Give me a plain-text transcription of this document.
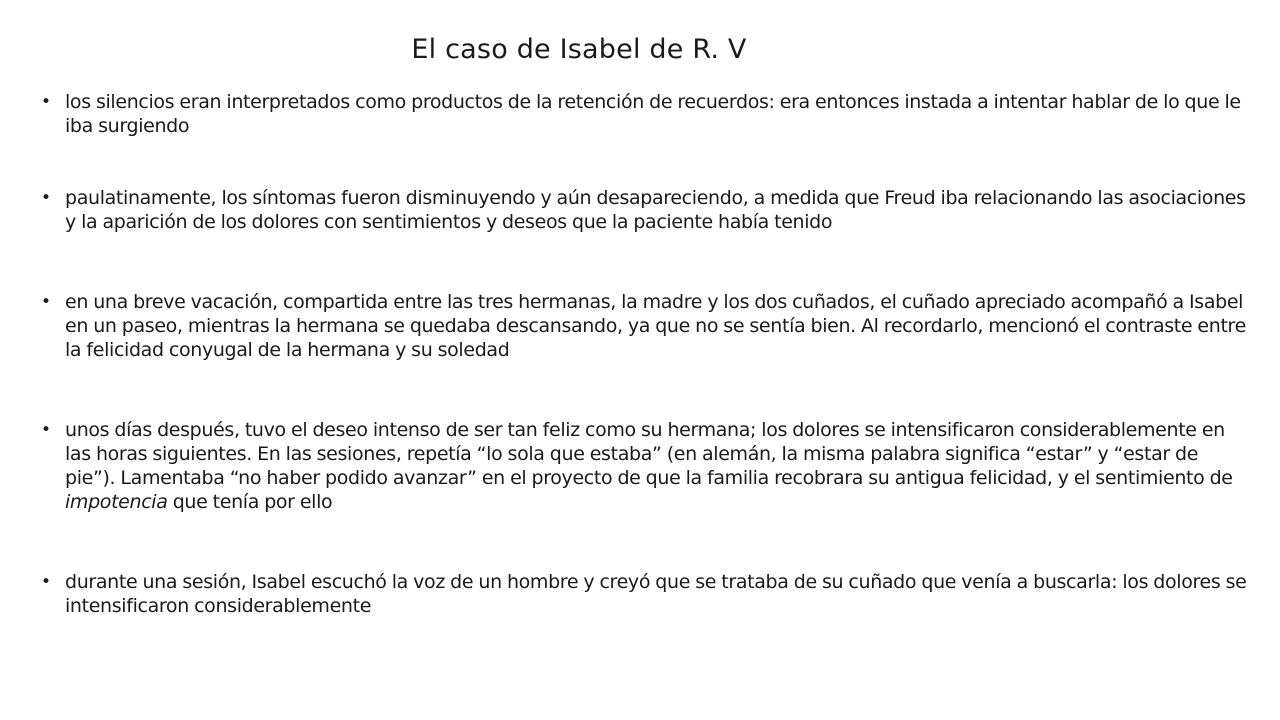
El caso de Isabel de R. V
• los silencios eran interpretados como productos de la retención de recuerdos: era entonces instada a intentar hablar de lo que le iba surgiendo
• paulatinamente, los síntomas fueron disminuyendo y aún desapareciendo, a medida que Freud iba relacionando las asociaciones y la aparición de los dolores con sentimientos y deseos que la paciente había tenido
• en una breve vacación, compartida entre las tres hermanas, la madre y los dos cuñados, el cuñado apreciado acompañó a Isabel en un paseo, mientras la hermana se quedaba descansando, ya que no se sentía bien. Al recordarlo, mencionó el contraste entre la felicidad conyugal de la hermana y su soledad
• unos días después, tuvo el deseo intenso de ser tan feliz como su hermana; los dolores se intensificaron considerablemente en las horas siguientes. En las sesiones, repetía “lo sola que estaba” (en alemán, la misma palabra significa “estar” y “estar de pie”). Lamentaba “no haber podido avanzar” en el proyecto de que la familia recobrara su antigua felicidad, y el sentimiento de impotencia que tenía por ello
• durante una sesión, Isabel escuchó la voz de un hombre y creyó que se trataba de su cuñado que venía a buscarla: los dolores se intensificaron considerablemente
